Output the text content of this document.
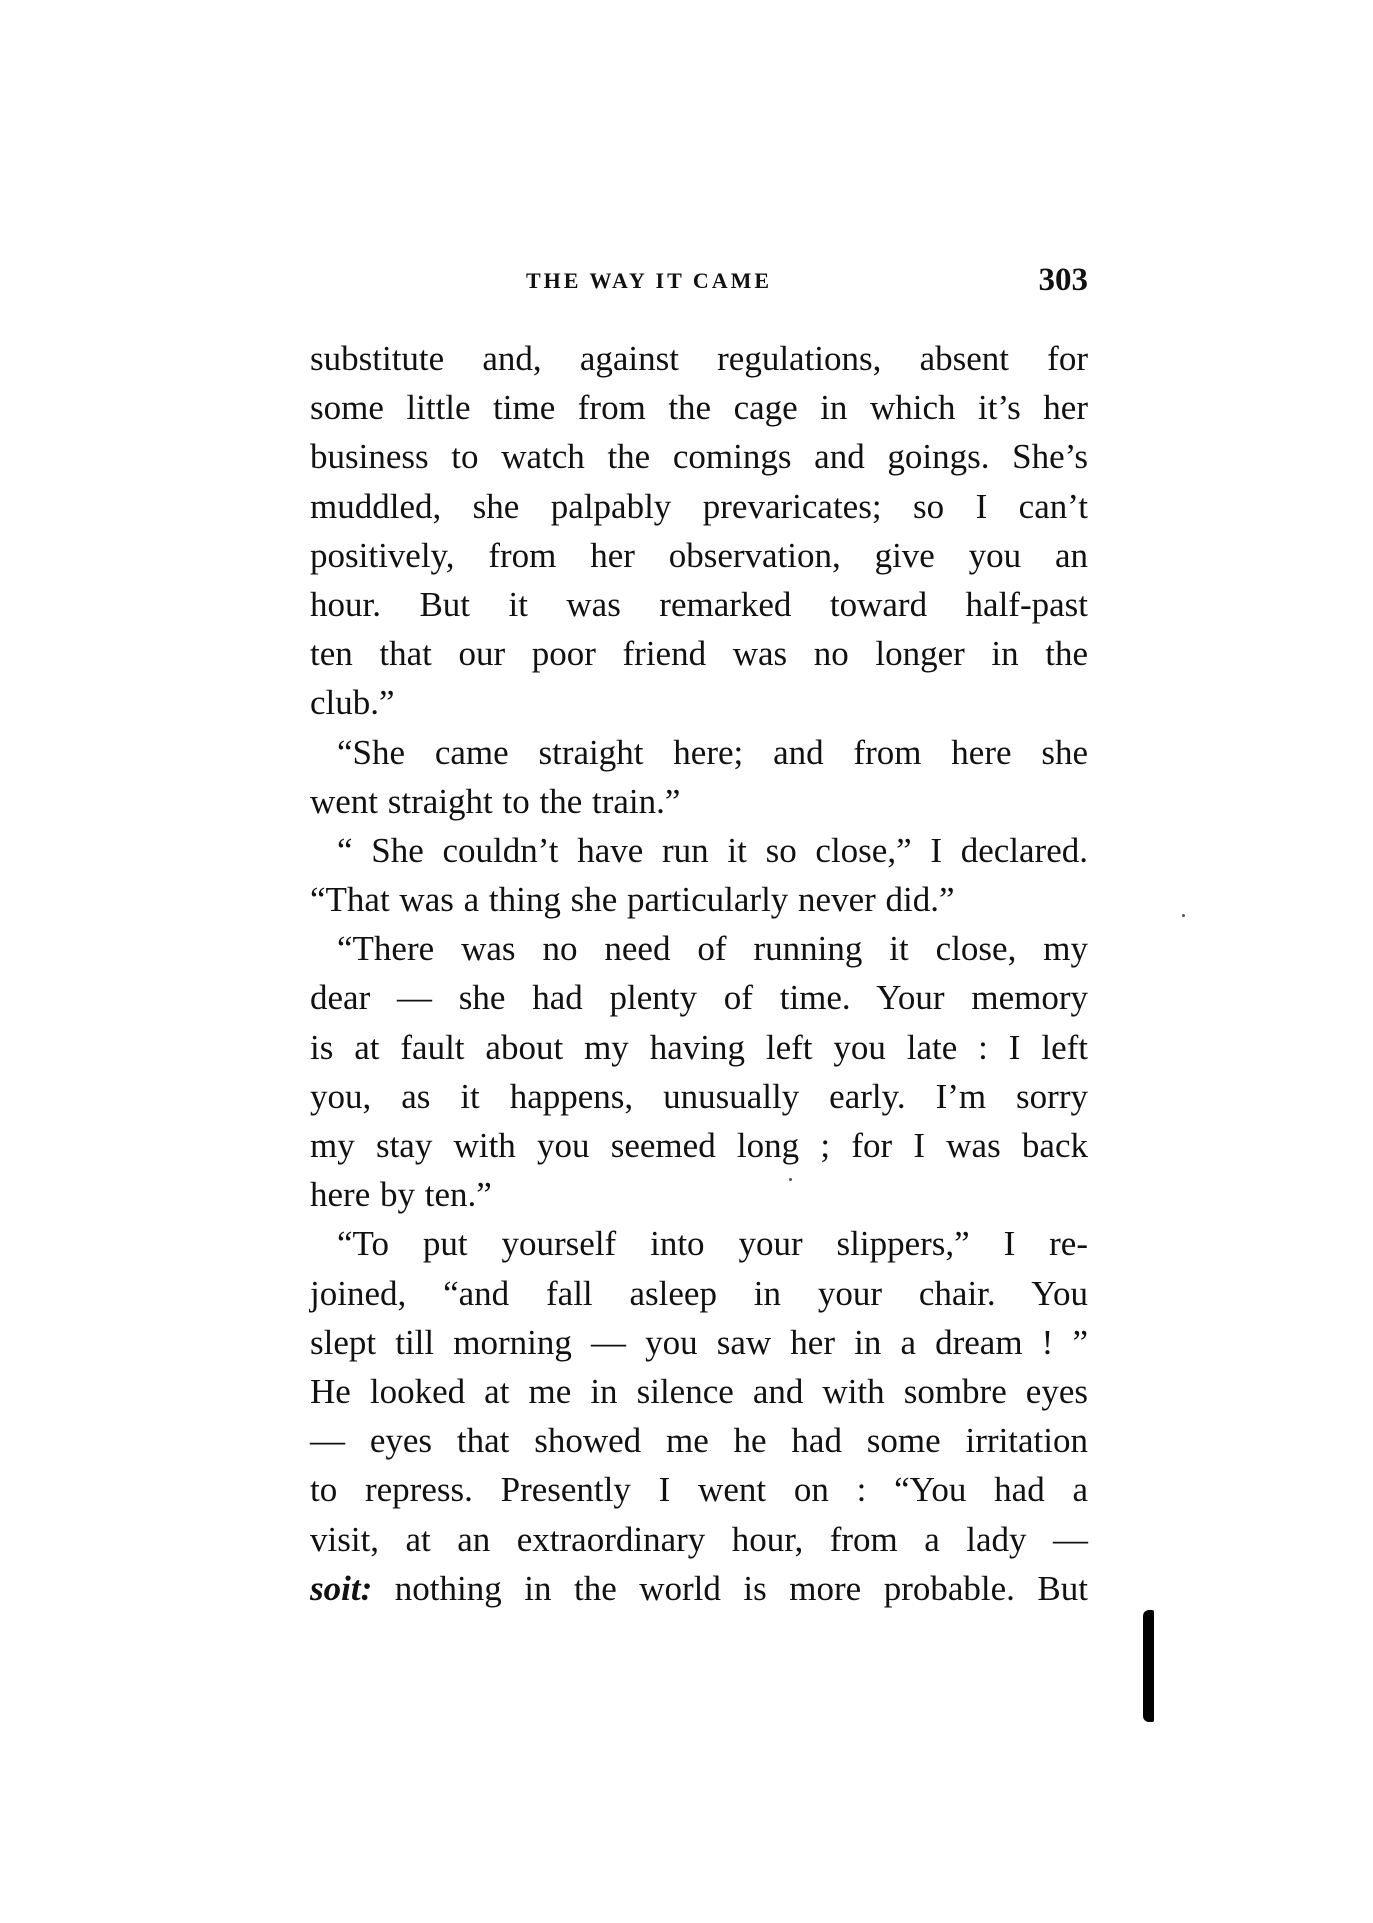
THE WAY IT CAME	303
substitute and, against regulations, absent for
some little time from the cage in which it’s her
business to watch the comings and goings. She’s
muddled, she palpably prevaricates; so I can’t
positively, from her observation, give you an
hour. But it was remarked toward half-past
ten that our poor friend was no longer in the
club.”
“She came straight here; and from here she
went straight to the train.”
“ She couldn’t have run it so close,” I declared.
“That was a thing she particularly never did.”
“There was no need of running it close, my
dear — she had plenty of time. Your memory
is at fault about my having left you late : I left
you, as it happens, unusually early. I’m sorry
my stay with you seemed long ; for I was back
here by ten.”
“To put yourself into your slippers,” I re-
joined, “and fall asleep in your chair. You
slept till morning — you saw her in a dream ! ”
He looked at me in silence and with sombre eyes
— eyes that showed me he had some irritation
to repress. Presently I went on : “You had a
visit, at an extraordinary hour, from a lady —
soit: nothing in the world is more probable. But
